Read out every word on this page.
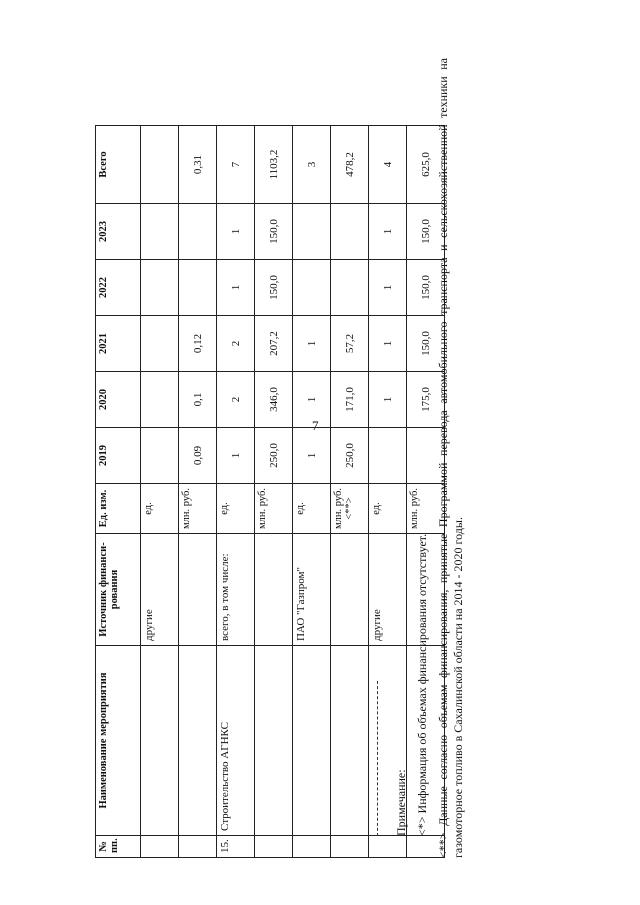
7
№ пп.	Наименование мероприятия	Источник финанси-рования	Ед. изм.	2019	2020	2021	2022	2023	Всего
		другие	ед.						
			млн. руб.	0,09	0,1	0,12			0,31
15.	Строительство АГНКС	всего, в том числе:	ед.	1	2	2	1	1	7
			млн. руб.	250,0	346,0	207,2	150,0	150,0	1103,2
		ПАО "Газпром"	ед.	1	1	1			3
			млн. руб. <**>	250,0	171,0	57,2			478,2
		другие	ед.		1	1	1	1	4
			млн. руб.		175,0	150,0	150,0	150,0	625,0
Примечание: <*> Информация об объемах финансирования отсутствует. <**> Данные согласно объемам финансирования, принятые Программой перевода автомобильного транспорта и сельскохозяйственной техники на газомоторное топливо в Сахалинской области на 2014 - 2020 годы.
